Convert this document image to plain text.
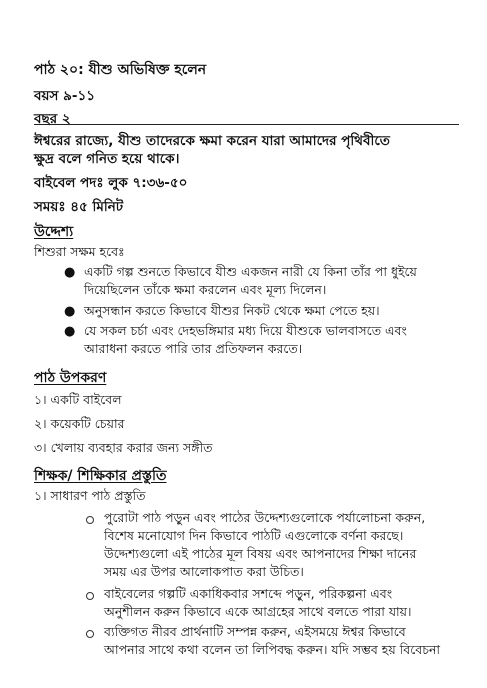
পাঠ ২০: যীশু অভিষিক্ত হলেন
বয়স ৯-১১
বছর ২
ঈশ্বরের রাজ্যে, যীশু তাদেরকে ক্ষমা করেন যারা আমাদের পৃথিবীতে
ক্ষুদ্র বলে গনিত হয়ে থাকে।
বাইবেল পদঃ লুক ৭:৩৬-৫০
সময়ঃ ৪৫ মিনিট
উদ্দেশ্য
শিশুরা সক্ষম হবেঃ
● একটি গল্প শুনতে কিভাবে যীশু একজন নারী যে কিনা তাঁর পা ধুইয়ে
দিয়েছিলেন তাঁকে ক্ষমা করলেন এবং মূল্য দিলেন।
● অনুসন্ধান করতে কিভাবে যীশুর নিকট থেকে ক্ষমা পেতে হয়।
● যে সকল চর্চা এবং দেহভঙ্গিমার মধ্য দিয়ে যীশুকে ভালবাসতে এবং
আরাধনা করতে পারি তার প্রতিফলন করতে।
পাঠ উপকরণ
১। একটি বাইবেল
২। কয়েকটি চেয়ার
৩। খেলায় ব্যবহার করার জন্য সঙ্গীত
শিক্ষক/ শিক্ষিকার প্রস্তুতি
১। সাধারণ পাঠ প্রস্তুতি
পুরোটা পাঠ পড়ুন এবং পাঠের উদ্দেশ্যগুলোকে পর্যালোচনা করুন,
বিশেষ মনোযোগ দিন কিভাবে পাঠটি এগুলোকে বর্ণনা করছে।
উদ্দেশ্যগুলো এই পাঠের মূল বিষয় এবং আপনাদের শিক্ষা দানের
সময় এর উপর আলোকপাত করা উচিত।
বাইবেলের গল্পটি একাধিকবার সশব্দে পড়ুন, পরিকল্পনা এবং
অনুশীলন করুন কিভাবে একে আগ্রহের সাথে বলতে পারা যায়।
ব্যক্তিগত নীরব প্রার্থনাটি সম্পন্ন করুন, এইসময়ে ঈশ্বর কিভাবে
আপনার সাথে কথা বলেন তা লিপিবদ্ধ করুন। যদি সম্ভব হয় বিবেচনা
